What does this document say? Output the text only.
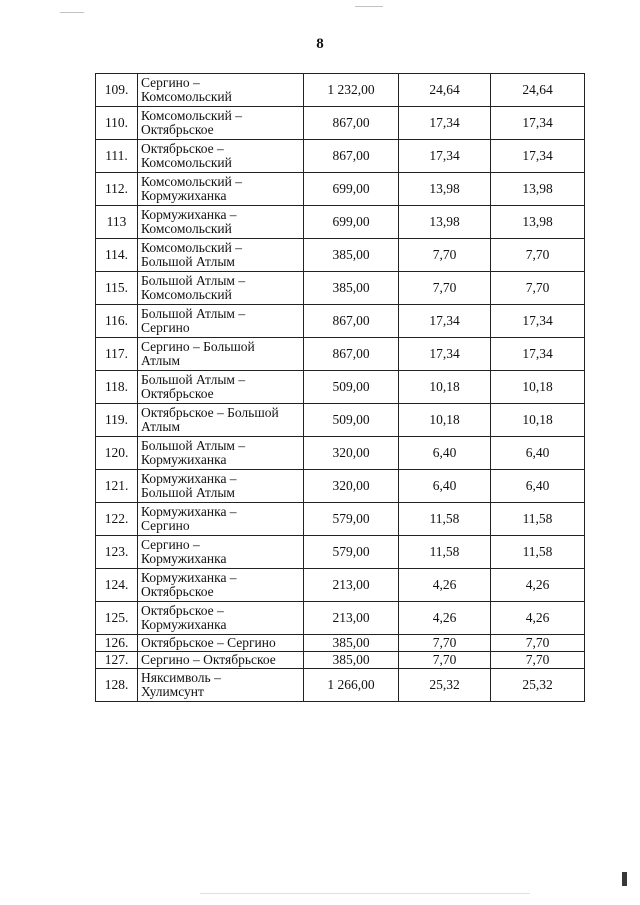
8
109.	Сергино –
Комсомольский	1 232,00	24,64	24,64
110.	Комсомольский –
Октябрьское	867,00	17,34	17,34
111.	Октябрьское –
Комсомольский	867,00	17,34	17,34
112.	Комсомольский –
Кормужиханка	699,00	13,98	13,98
113	Кормужиханка –
Комсомольский	699,00	13,98	13,98
114.	Комсомольский –
Большой Атлым	385,00	7,70	7,70
115.	Большой Атлым –
Комсомольский	385,00	7,70	7,70
116.	Большой Атлым –
Сергино	867,00	17,34	17,34
117.	Сергино – Большой
Атлым	867,00	17,34	17,34
118.	Большой Атлым –
Октябрьское	509,00	10,18	10,18
119.	Октябрьское – Большой
Атлым	509,00	10,18	10,18
120.	Большой Атлым –
Кормужиханка	320,00	6,40	6,40
121.	Кормужиханка –
Большой Атлым	320,00	6,40	6,40
122.	Кормужиханка –
Сергино	579,00	11,58	11,58
123.	Сергино –
Кормужиханка	579,00	11,58	11,58
124.	Кормужиханка –
Октябрьское	213,00	4,26	4,26
125.	Октябрьское –
Кормужиханка	213,00	4,26	4,26
126.	Октябрьское – Сергино	385,00	7,70	7,70
127.	Сергино – Октябрьское	385,00	7,70	7,70
128.	Няксимволь –
Хулимсунт	1 266,00	25,32	25,32
